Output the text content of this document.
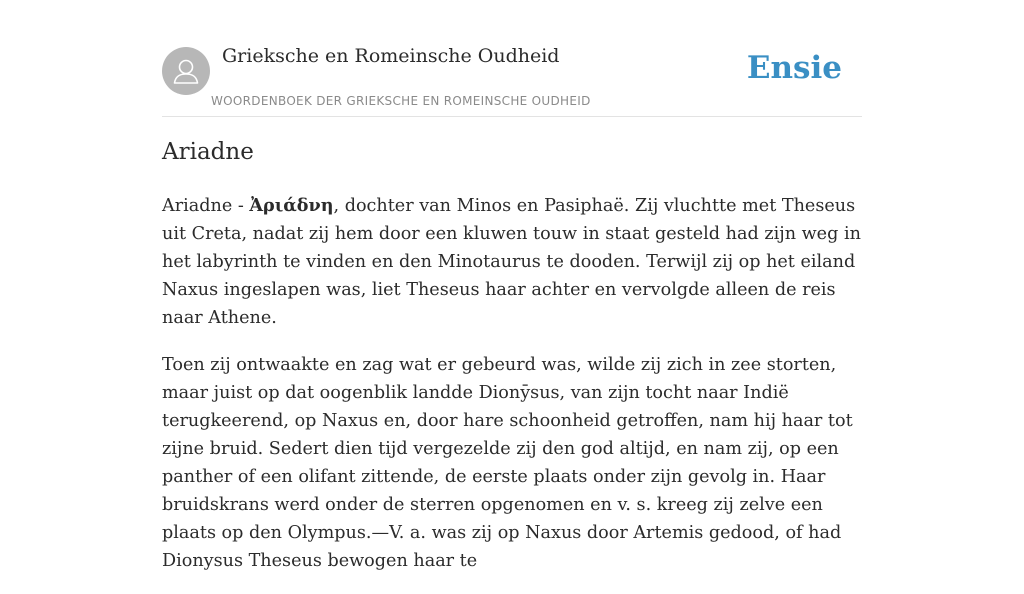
Grieksche en Romeinsche Oudheid
WOORDENBOEK DER GRIEKSCHE EN ROMEINSCHE OUDHEID
Ensie
Ariadne

Ariadne - Ἀριάδνη, dochter van Minos en Pasiphaë. Zij vluchtte met Theseus uit Creta, nadat zij hem door een kluwen touw in staat gesteld had zijn weg in het labyrinth te vinden en den Minotaurus te dooden. Terwijl zij op het eiland Naxus ingeslapen was, liet Theseus haar achter en vervolgde alleen de reis naar Athene.

Toen zij ontwaakte en zag wat er gebeurd was, wilde zij zich in zee storten, maar juist op dat oogenblik landde Dionȳsus, van zijn tocht naar Indië terugkeerend, op Naxus en, door hare schoonheid getroffen, nam hij haar tot zijne bruid. Sedert dien tijd vergezelde zij den god altijd, en nam zij, op een panther of een olifant zittende, de eerste plaats onder zijn gevolg in. Haar bruidskrans werd onder de sterren opgenomen en v. s. kreeg zij zelve een plaats op den Olympus.—V. a. was zij op Naxus door Artemis gedood, of had Dionysus Theseus bewogen haar te
